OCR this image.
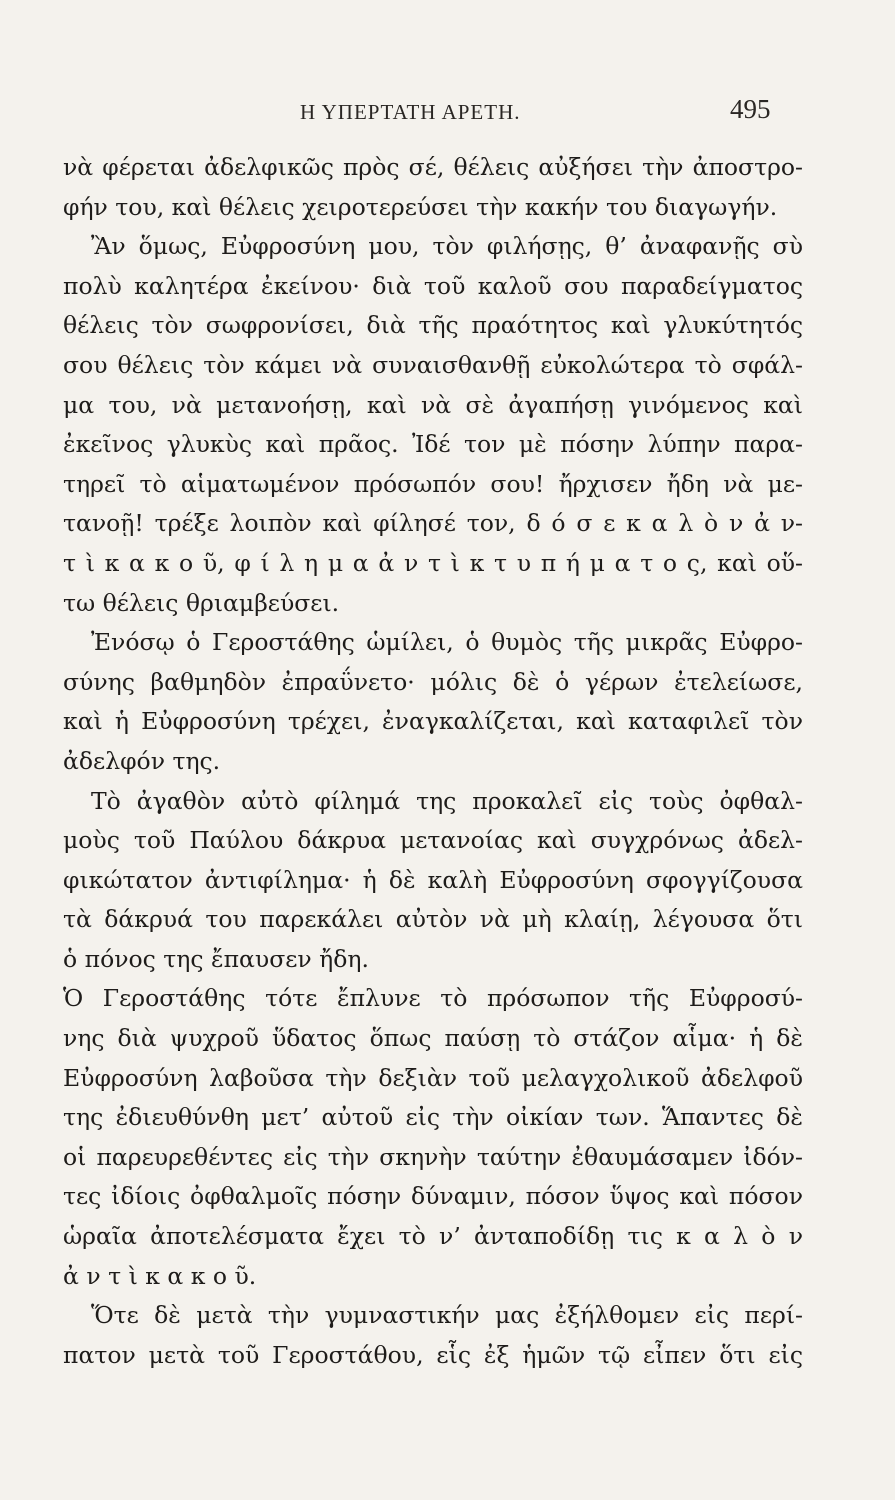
Η ΥΠΕΡΤΑΤΗ ΑΡΕΤΗ.	495
νὰ φέρεται ἀδελφικῶς πρὸς σέ, θέλεις αὐξήσει τὴν ἀποστρο-
φήν του, καὶ θέλεις χειροτερεύσει τὴν κακήν του διαγωγήν.
Ἂν ὅμως, Εὐφροσύνη μου, τὸν φιλήσῃς, θ’ ἀναφανῇς σὺ
πολὺ καλητέρα ἐκείνου· διὰ τοῦ καλοῦ σου παραδείγματος
θέλεις τὸν σωφρονίσει, διὰ τῆς πραότητος καὶ γλυκύτητός
σου θέλεις τὸν κάμει νὰ συναισθανθῇ εὐκολώτερα τὸ σφάλ-
μα του, νὰ μετανοήσῃ, καὶ νὰ σὲ ἀγαπήσῃ γινόμενος καὶ
ἐκεῖνος γλυκὺς καὶ πρᾶος. Ἰδέ τον μὲ πόσην λύπην παρα-
τηρεῖ τὸ αἱματωμένον πρόσωπόν σου! ἤρχισεν ἤδη νὰ με-
τανοῇ! τρέξε λοιπὸν καὶ φίλησέ τον, δ ό σ ε κ α λ ὸ ν ἀ ν-
τ ὶ κ α κ ο ῦ, φ ί λ η μ α ἀ ν τ ὶ κ τ υ π ή μ α τ ο ς, καὶ οὕ-
τω θέλεις θριαμβεύσει.
Ἐνόσῳ ὁ Γεροστάθης ὡμίλει, ὁ θυμὸς τῆς μικρᾶς Εὐφρο-
σύνης βαθμηδὸν ἐπραΰνετο· μόλις δὲ ὁ γέρων ἐτελείωσε,
καὶ ἡ Εὐφροσύνη τρέχει, ἐναγκαλίζεται, καὶ καταφιλεῖ τὸν
ἀδελφόν της.
Τὸ ἀγαθὸν αὐτὸ φίλημά της προκαλεῖ εἰς τοὺς ὀφθαλ-
μοὺς τοῦ Παύλου δάκρυα μετανοίας καὶ συγχρόνως ἀδελ-
φικώτατον ἀντιφίλημα· ἡ δὲ καλὴ Εὐφροσύνη σφογγίζουσα
τὰ δάκρυά του παρεκάλει αὐτὸν νὰ μὴ κλαίῃ, λέγουσα ὅτι
ὁ πόνος της ἔπαυσεν ἤδη.
Ὁ Γεροστάθης τότε ἔπλυνε τὸ πρόσωπον τῆς Εὐφροσύ-
νης διὰ ψυχροῦ ὕδατος ὅπως παύσῃ τὸ στάζον αἷμα· ἡ δὲ
Εὐφροσύνη λαβοῦσα τὴν δεξιὰν τοῦ μελαγχολικοῦ ἀδελφοῦ
της ἐδιευθύνθη μετ’ αὐτοῦ εἰς τὴν οἰκίαν των. Ἅπαντες δὲ
οἱ παρευρεθέντες εἰς τὴν σκηνὴν ταύτην ἐθαυμάσαμεν ἰδόν-
τες ἰδίοις ὀφθαλμοῖς πόσην δύναμιν, πόσον ὕψος καὶ πόσον
ὡραῖα ἀποτελέσματα ἔχει τὸ ν’ ἀνταποδίδῃ τις κ α λ ὸ ν
ἀ ν τ ὶ κ α κ ο ῦ.
Ὅτε δὲ μετὰ τὴν γυμναστικήν μας ἐξήλθομεν εἰς περί-
πατον μετὰ τοῦ Γεροστάθου, εἷς ἐξ ἡμῶν τῷ εἶπεν ὅτι εἰς
